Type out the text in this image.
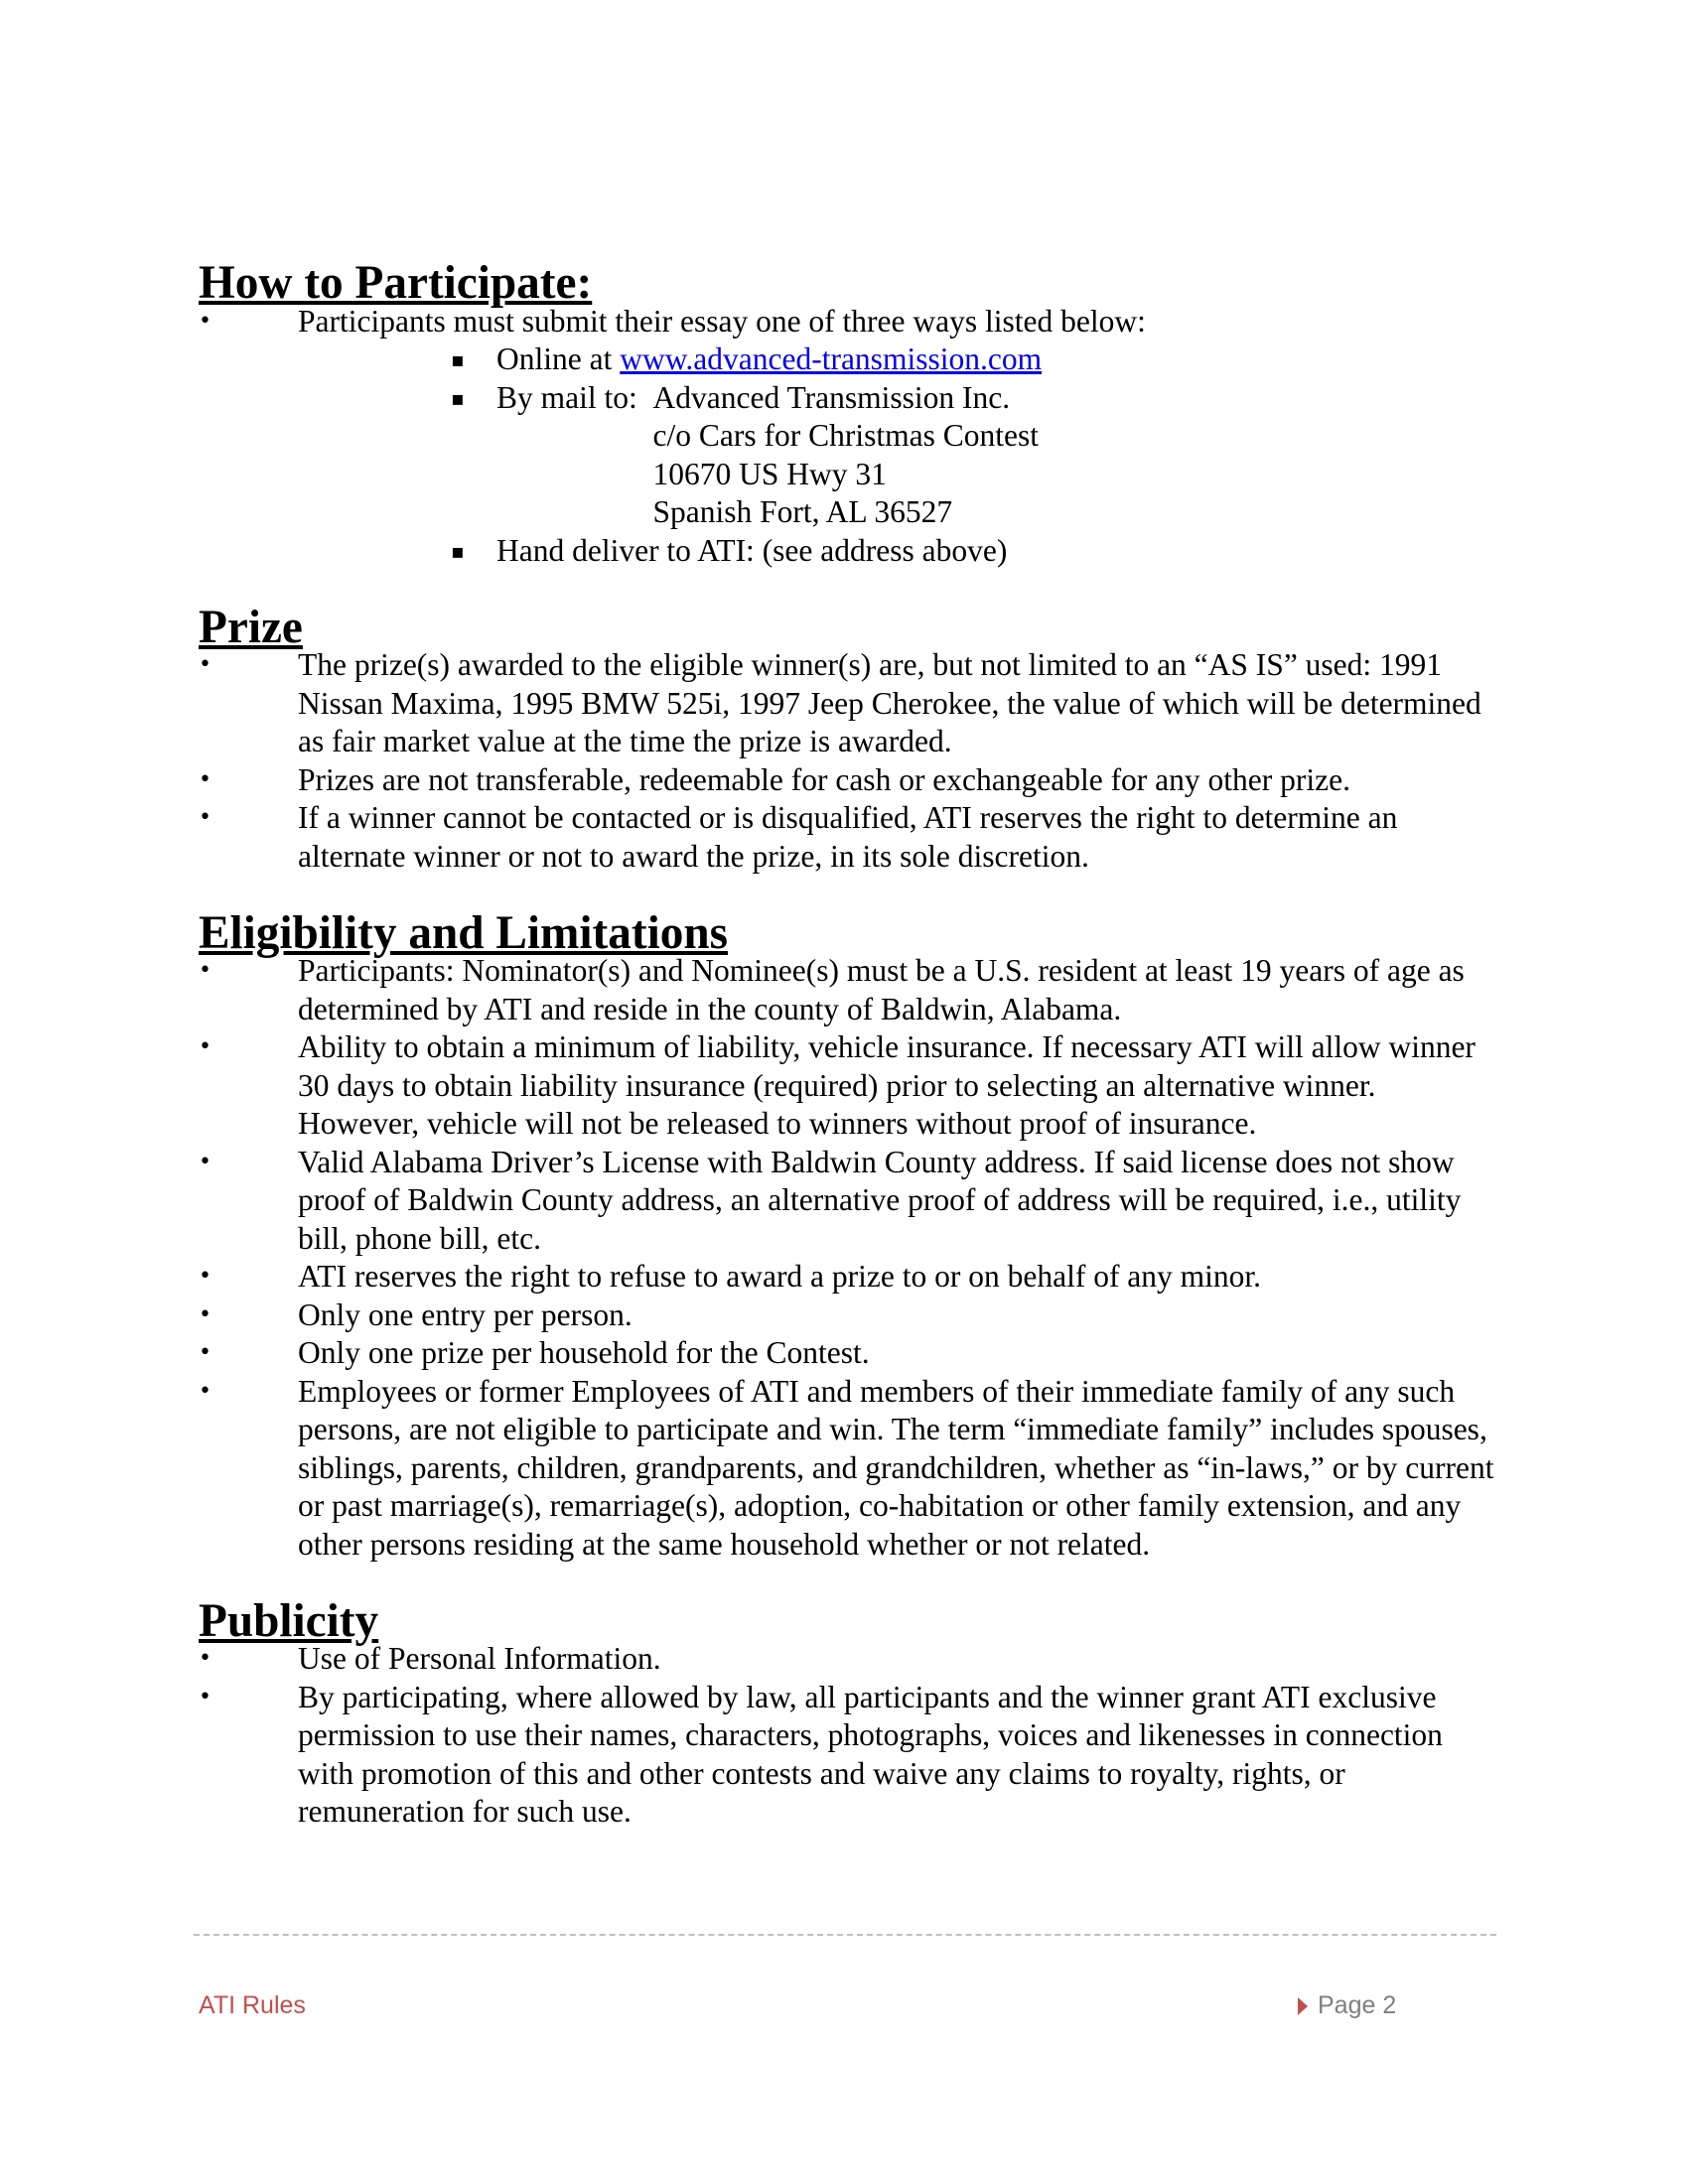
How to Participate:
•	Participants must submit their essay one of three ways listed below:
▪ Online at www.advanced-transmission.com
▪ By mail to: Advanced Transmission Inc.
c/o Cars for Christmas Contest
10670 US Hwy 31
Spanish Fort, AL 36527
▪ Hand deliver to ATI: (see address above)
Prize
•	The prize(s) awarded to the eligible winner(s) are, but not limited to an “AS IS” used: 1991 Nissan Maxima, 1995 BMW 525i, 1997 Jeep Cherokee, the value of which will be determined as fair market value at the time the prize is awarded.
•	Prizes are not transferable, redeemable for cash or exchangeable for any other prize.
•	If a winner cannot be contacted or is disqualified, ATI reserves the right to determine an alternate winner or not to award the prize, in its sole discretion.
Eligibility and Limitations
•	Participants: Nominator(s) and Nominee(s) must be a U.S. resident at least 19 years of age as determined by ATI and reside in the county of Baldwin, Alabama.
•	Ability to obtain a minimum of liability, vehicle insurance. If necessary ATI will allow winner 30 days to obtain liability insurance (required) prior to selecting an alternative winner. However, vehicle will not be released to winners without proof of insurance.
•	Valid Alabama Driver’s License with Baldwin County address. If said license does not show proof of Baldwin County address, an alternative proof of address will be required, i.e., utility bill, phone bill, etc.
•	ATI reserves the right to refuse to award a prize to or on behalf of any minor.
•	Only one entry per person.
•	Only one prize per household for the Contest.
•	Employees or former Employees of ATI and members of their immediate family of any such persons, are not eligible to participate and win. The term “immediate family” includes spouses, siblings, parents, children, grandparents, and grandchildren, whether as “in-laws,” or by current or past marriage(s), remarriage(s), adoption, co-habitation or other family extension, and any other persons residing at the same household whether or not related.
Publicity
•	Use of Personal Information.
•	By participating, where allowed by law, all participants and the winner grant ATI exclusive permission to use their names, characters, photographs, voices and likenesses in connection with promotion of this and other contests and waive any claims to royalty, rights, or remuneration for such use.
ATI Rules	Page 2
